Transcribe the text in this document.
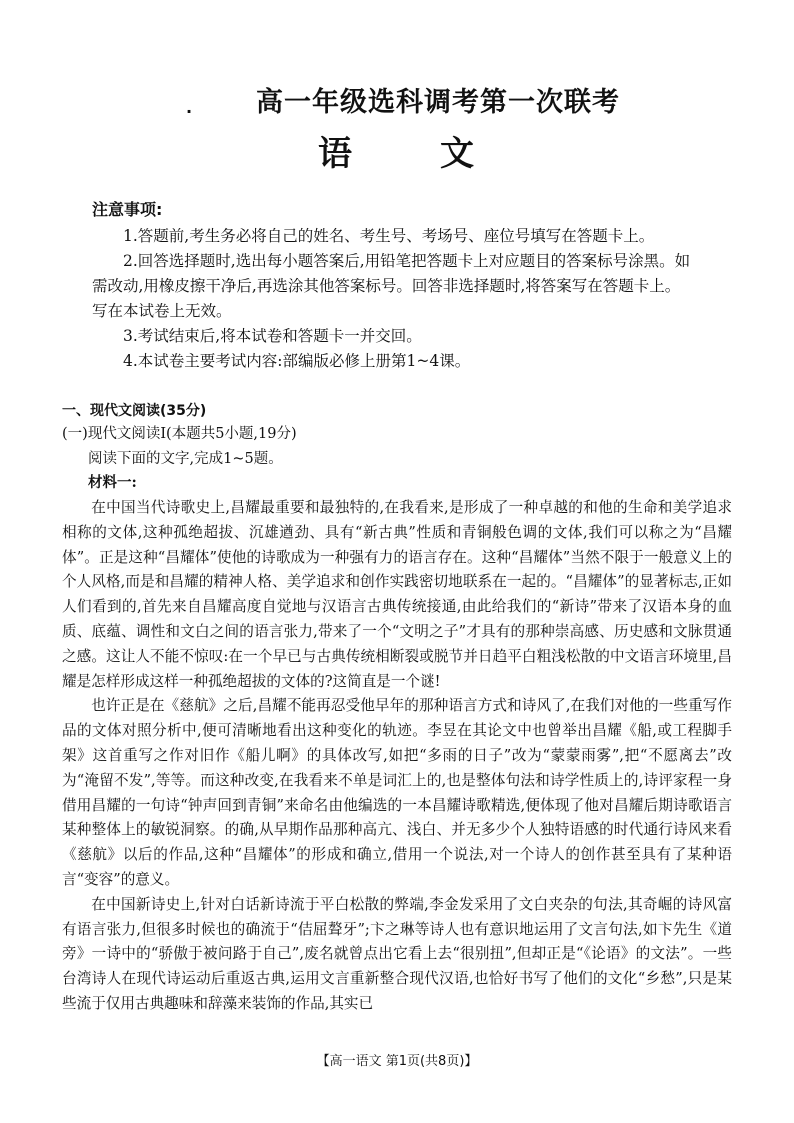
. 高一年级选科调考第一次联考
语文
注意事项:

1.答题前,考生务必将自己的姓名、考生号、考场号、座位号填写在答题卡上。

2.回答选择题时,选出每小题答案后,用铅笔把答题卡上对应题目的答案标号涂黑。如需改动,用橡皮擦干净后,再选涂其他答案标号。回答非选择题时,将答案写在答题卡上。写在本试卷上无效。

3.考试结束后,将本试卷和答题卡一并交回。

4.本试卷主要考试内容:部编版必修上册第1~4课。

一、现代文阅读(35分)
(一)现代文阅读Ⅰ(本题共5小题,19分)
阅读下面的文字,完成1~5题。
材料一:

在中国当代诗歌史上,昌耀最重要和最独特的,在我看来,是形成了一种卓越的和他的生命和美学追求相称的文体,这种孤绝超拔、沉雄遒劲、具有“新古典”性质和青铜般色调的文体,我们可以称之为“昌耀体”。正是这种“昌耀体”使他的诗歌成为一种强有力的语言存在。这种“昌耀体”当然不限于一般意义上的个人风格,而是和昌耀的精神人格、美学追求和创作实践密切地联系在一起的。“昌耀体”的显著标志,正如人们看到的,首先来自昌耀高度自觉地与汉语言古典传统接通,由此给我们的“新诗”带来了汉语本身的血质、底蕴、调性和文白之间的语言张力,带来了一个“文明之子”才具有的那种崇高感、历史感和文脉贯通之感。这让人不能不惊叹:在一个早已与古典传统相断裂或脱节并日趋平白粗浅松散的中文语言环境里,昌耀是怎样形成这样一种孤绝超拔的文体的?这简直是一个谜!

也许正是在《慈航》之后,昌耀不能再忍受他早年的那种语言方式和诗风了,在我们对他的一些重写作品的文体对照分析中,便可清晰地看出这种变化的轨迹。李昱在其论文中也曾举出昌耀《船,或工程脚手架》这首重写之作对旧作《船儿啊》的具体改写,如把“多雨的日子”改为“蒙蒙雨雾”,把“不愿离去”改为“淹留不发”,等等。而这种改变,在我看来不单是词汇上的,也是整体句法和诗学性质上的,诗评家程一身借用昌耀的一句诗“钟声回到青铜”来命名由他编选的一本昌耀诗歌精选,便体现了他对昌耀后期诗歌语言某种整体上的敏锐洞察。的确,从早期作品那种高亢、浅白、并无多少个人独特语感的时代通行诗风来看《慈航》以后的作品,这种“昌耀体”的形成和确立,借用一个说法,对一个诗人的创作甚至具有了某种语言“变容”的意义。

在中国新诗史上,针对白话新诗流于平白松散的弊端,李金发采用了文白夹杂的句法,其奇崛的诗风富有语言张力,但很多时候也的确流于“佶屈聱牙”;卞之琳等诗人也有意识地运用了文言句法,如卞先生《道旁》一诗中的“骄傲于被问路于自己”,废名就曾点出它看上去“很别扭”,但却正是“《论语》的文法”。一些台湾诗人在现代诗运动后重返古典,运用文言重新整合现代汉语,也恰好书写了他们的文化“乡愁”,只是某些流于仅用古典趣味和辞藻来装饰的作品,其实已

【高一语文 第1页(共8页)】
